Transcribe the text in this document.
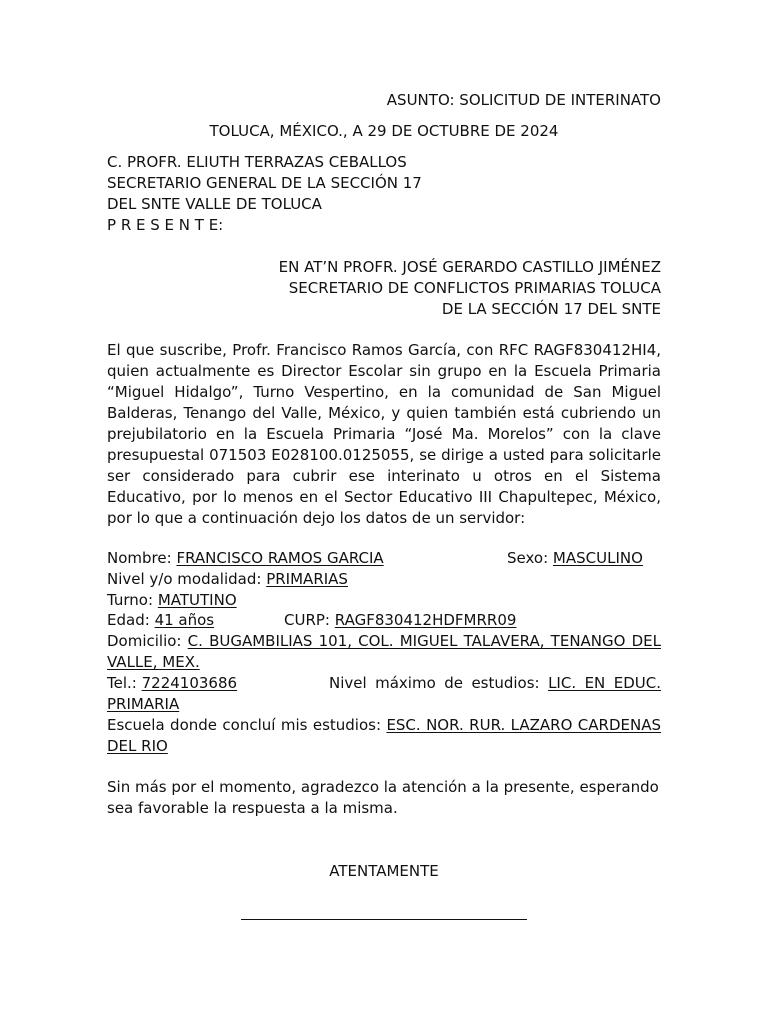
ASUNTO: SOLICITUD DE INTERINATO
TOLUCA, MÉXICO., A 29 DE OCTUBRE DE 2024
C. PROFR. ELIUTH TERRAZAS CEBALLOS
SECRETARIO GENERAL DE LA SECCIÓN 17
DEL SNTE VALLE DE TOLUCA
P R E S E N T E:
EN AT’N PROFR. JOSÉ GERARDO CASTILLO JIMÉNEZ
SECRETARIO DE CONFLICTOS PRIMARIAS TOLUCA
DE LA SECCIÓN 17 DEL SNTE
El que suscribe, Profr. Francisco Ramos García, con RFC RAGF830412HI4, quien actualmente es Director Escolar sin grupo en la Escuela Primaria “Miguel Hidalgo”, Turno Vespertino, en la comunidad de San Miguel Balderas, Tenango del Valle, México, y quien también está cubriendo un prejubilatorio en la Escuela Primaria “José Ma. Morelos” con la clave presupuestal 071503 E028100.0125055, se dirige a usted para solicitarle ser considerado para cubrir ese interinato u otros en el Sistema Educativo, por lo menos en el Sector Educativo III Chapultepec, México, por lo que a continuación dejo los datos de un servidor:
Nombre: FRANCISCO RAMOS GARCIA	Sexo: MASCULINO
Nivel y/o modalidad: PRIMARIAS
Turno: MATUTINO
Edad: 41 años	CURP: RAGF830412HDFMRR09
Domicilio: C. BUGAMBILIAS 101, COL. MIGUEL TALAVERA, TENANGO DEL VALLE, MEX.
Tel.: 7224103686	Nivel máximo de estudios: LIC. EN EDUC.
PRIMARIA
Escuela donde concluí mis estudios: ESC. NOR. RUR. LAZARO CARDENAS DEL RIO
Sin más por el momento, agradezco la atención a la presente, esperando sea favorable la respuesta a la misma.
ATENTAMENTE
